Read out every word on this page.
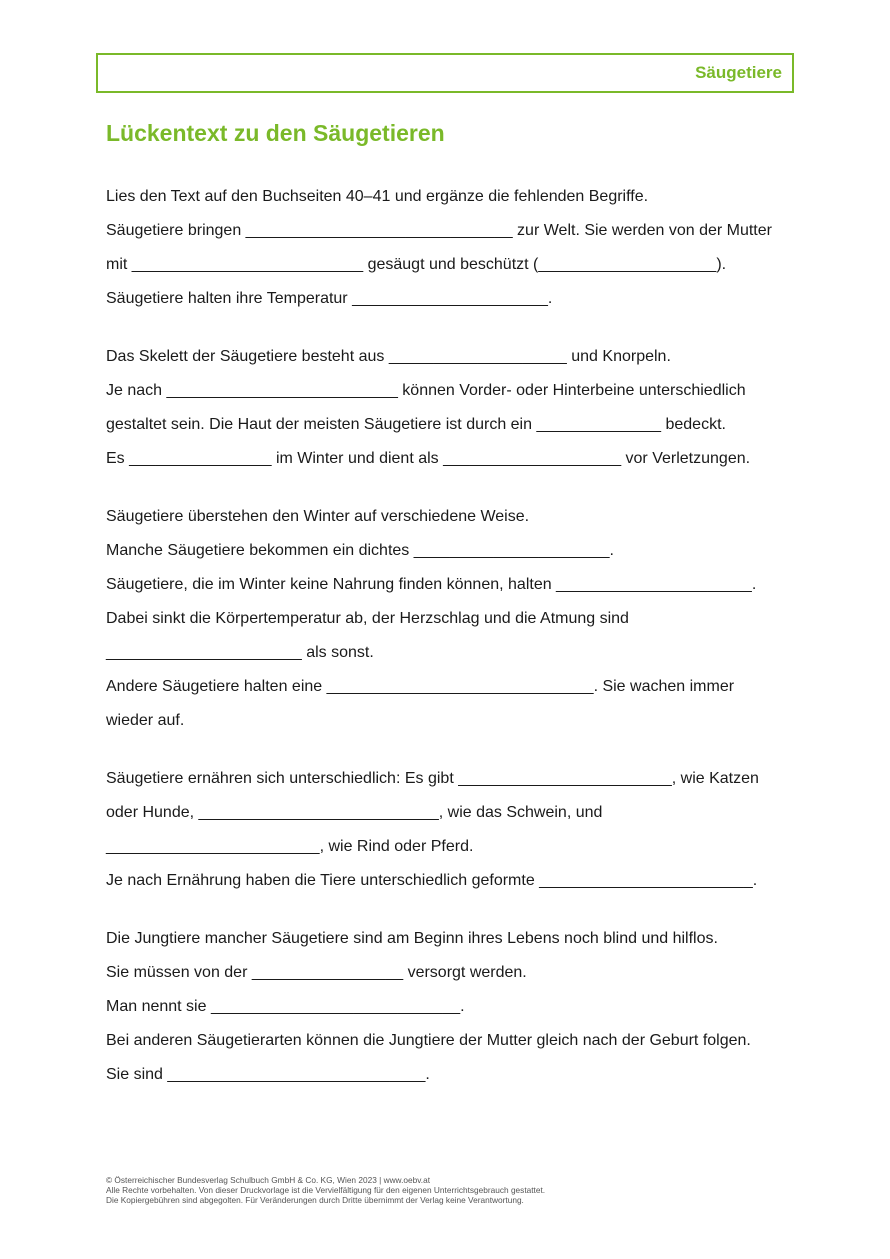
Säugetiere
Lückentext zu den Säugetieren
Lies den Text auf den Buchseiten 40–41 und ergänze die fehlenden Begriffe.
Säugetiere bringen ______________________________ zur Welt. Sie werden von der Mutter
mit __________________________ gesäugt und beschützt (____________________).
Säugetiere halten ihre Temperatur ______________________.
Das Skelett der Säugetiere besteht aus ____________________ und Knorpeln.
Je nach __________________________ können Vorder- oder Hinterbeine unterschiedlich
gestaltet sein. Die Haut der meisten Säugetiere ist durch ein ______________ bedeckt.
Es ________________ im Winter und dient als ____________________ vor Verletzungen.
Säugetiere überstehen den Winter auf verschiedene Weise.
Manche Säugetiere bekommen ein dichtes ______________________.
Säugetiere, die im Winter keine Nahrung finden können, halten ______________________.
Dabei sinkt die Körpertemperatur ab, der Herzschlag und die Atmung sind
______________________ als sonst.
Andere Säugetiere halten eine ______________________________. Sie wachen immer
wieder auf.
Säugetiere ernähren sich unterschiedlich: Es gibt ________________________, wie Katzen
oder Hunde, ___________________________, wie das Schwein, und
________________________, wie Rind oder Pferd.
Je nach Ernährung haben die Tiere unterschiedlich geformte ________________________.
Die Jungtiere mancher Säugetiere sind am Beginn ihres Lebens noch blind und hilflos.
Sie müssen von der _________________ versorgt werden.
Man nennt sie ____________________________.
Bei anderen Säugetierarten können die Jungtiere der Mutter gleich nach der Geburt folgen.
Sie sind _____________________________.
© Österreichischer Bundesverlag Schulbuch GmbH & Co. KG, Wien 2023 | www.oebv.at
Alle Rechte vorbehalten. Von dieser Druckvorlage ist die Vervielfältigung für den eigenen Unterrichtsgebrauch gestattet.
Die Kopiergebühren sind abgegolten. Für Veränderungen durch Dritte übernimmt der Verlag keine Verantwortung.
